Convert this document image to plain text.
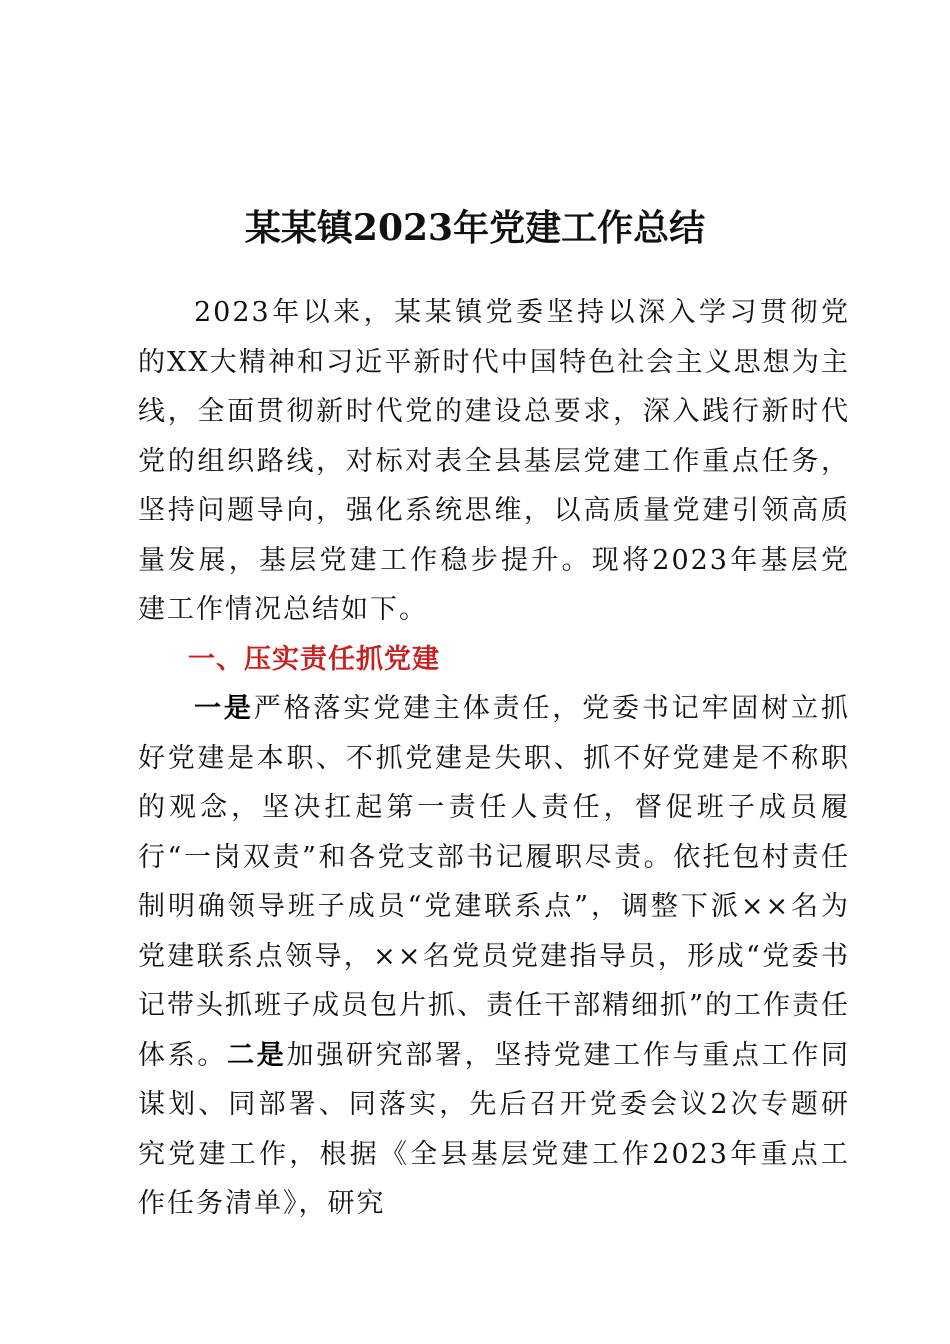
某某镇2023年党建工作总结

2023年以来，某某镇党委坚持以深入学习贯彻党的XX大精神和习近平新时代中国特色社会主义思想为主线，全面贯彻新时代党的建设总要求，深入践行新时代党的组织路线，对标对表全县基层党建工作重点任务，坚持问题导向，强化系统思维，以高质量党建引领高质量发展，基层党建工作稳步提升。现将2023年基层党建工作情况总结如下。

一、压实责任抓党建

一是严格落实党建主体责任，党委书记牢固树立抓好党建是本职、不抓党建是失职、抓不好党建是不称职的观念，坚决扛起第一责任人责任，督促班子成员履行“一岗双责”和各党支部书记履职尽责。依托包村责任制明确领导班子成员“党建联系点”，调整下派××名为党建联系点领导，××名党员党建指导员，形成“党委书记带头抓班子成员包片抓、责任干部精细抓”的工作责任体系。二是加强研究部署，坚持党建工作与重点工作同谋划、同部署、同落实，先后召开党委会议2次专题研究党建工作，根据《全县基层党建工作2023年重点工作任务清单》，研究
